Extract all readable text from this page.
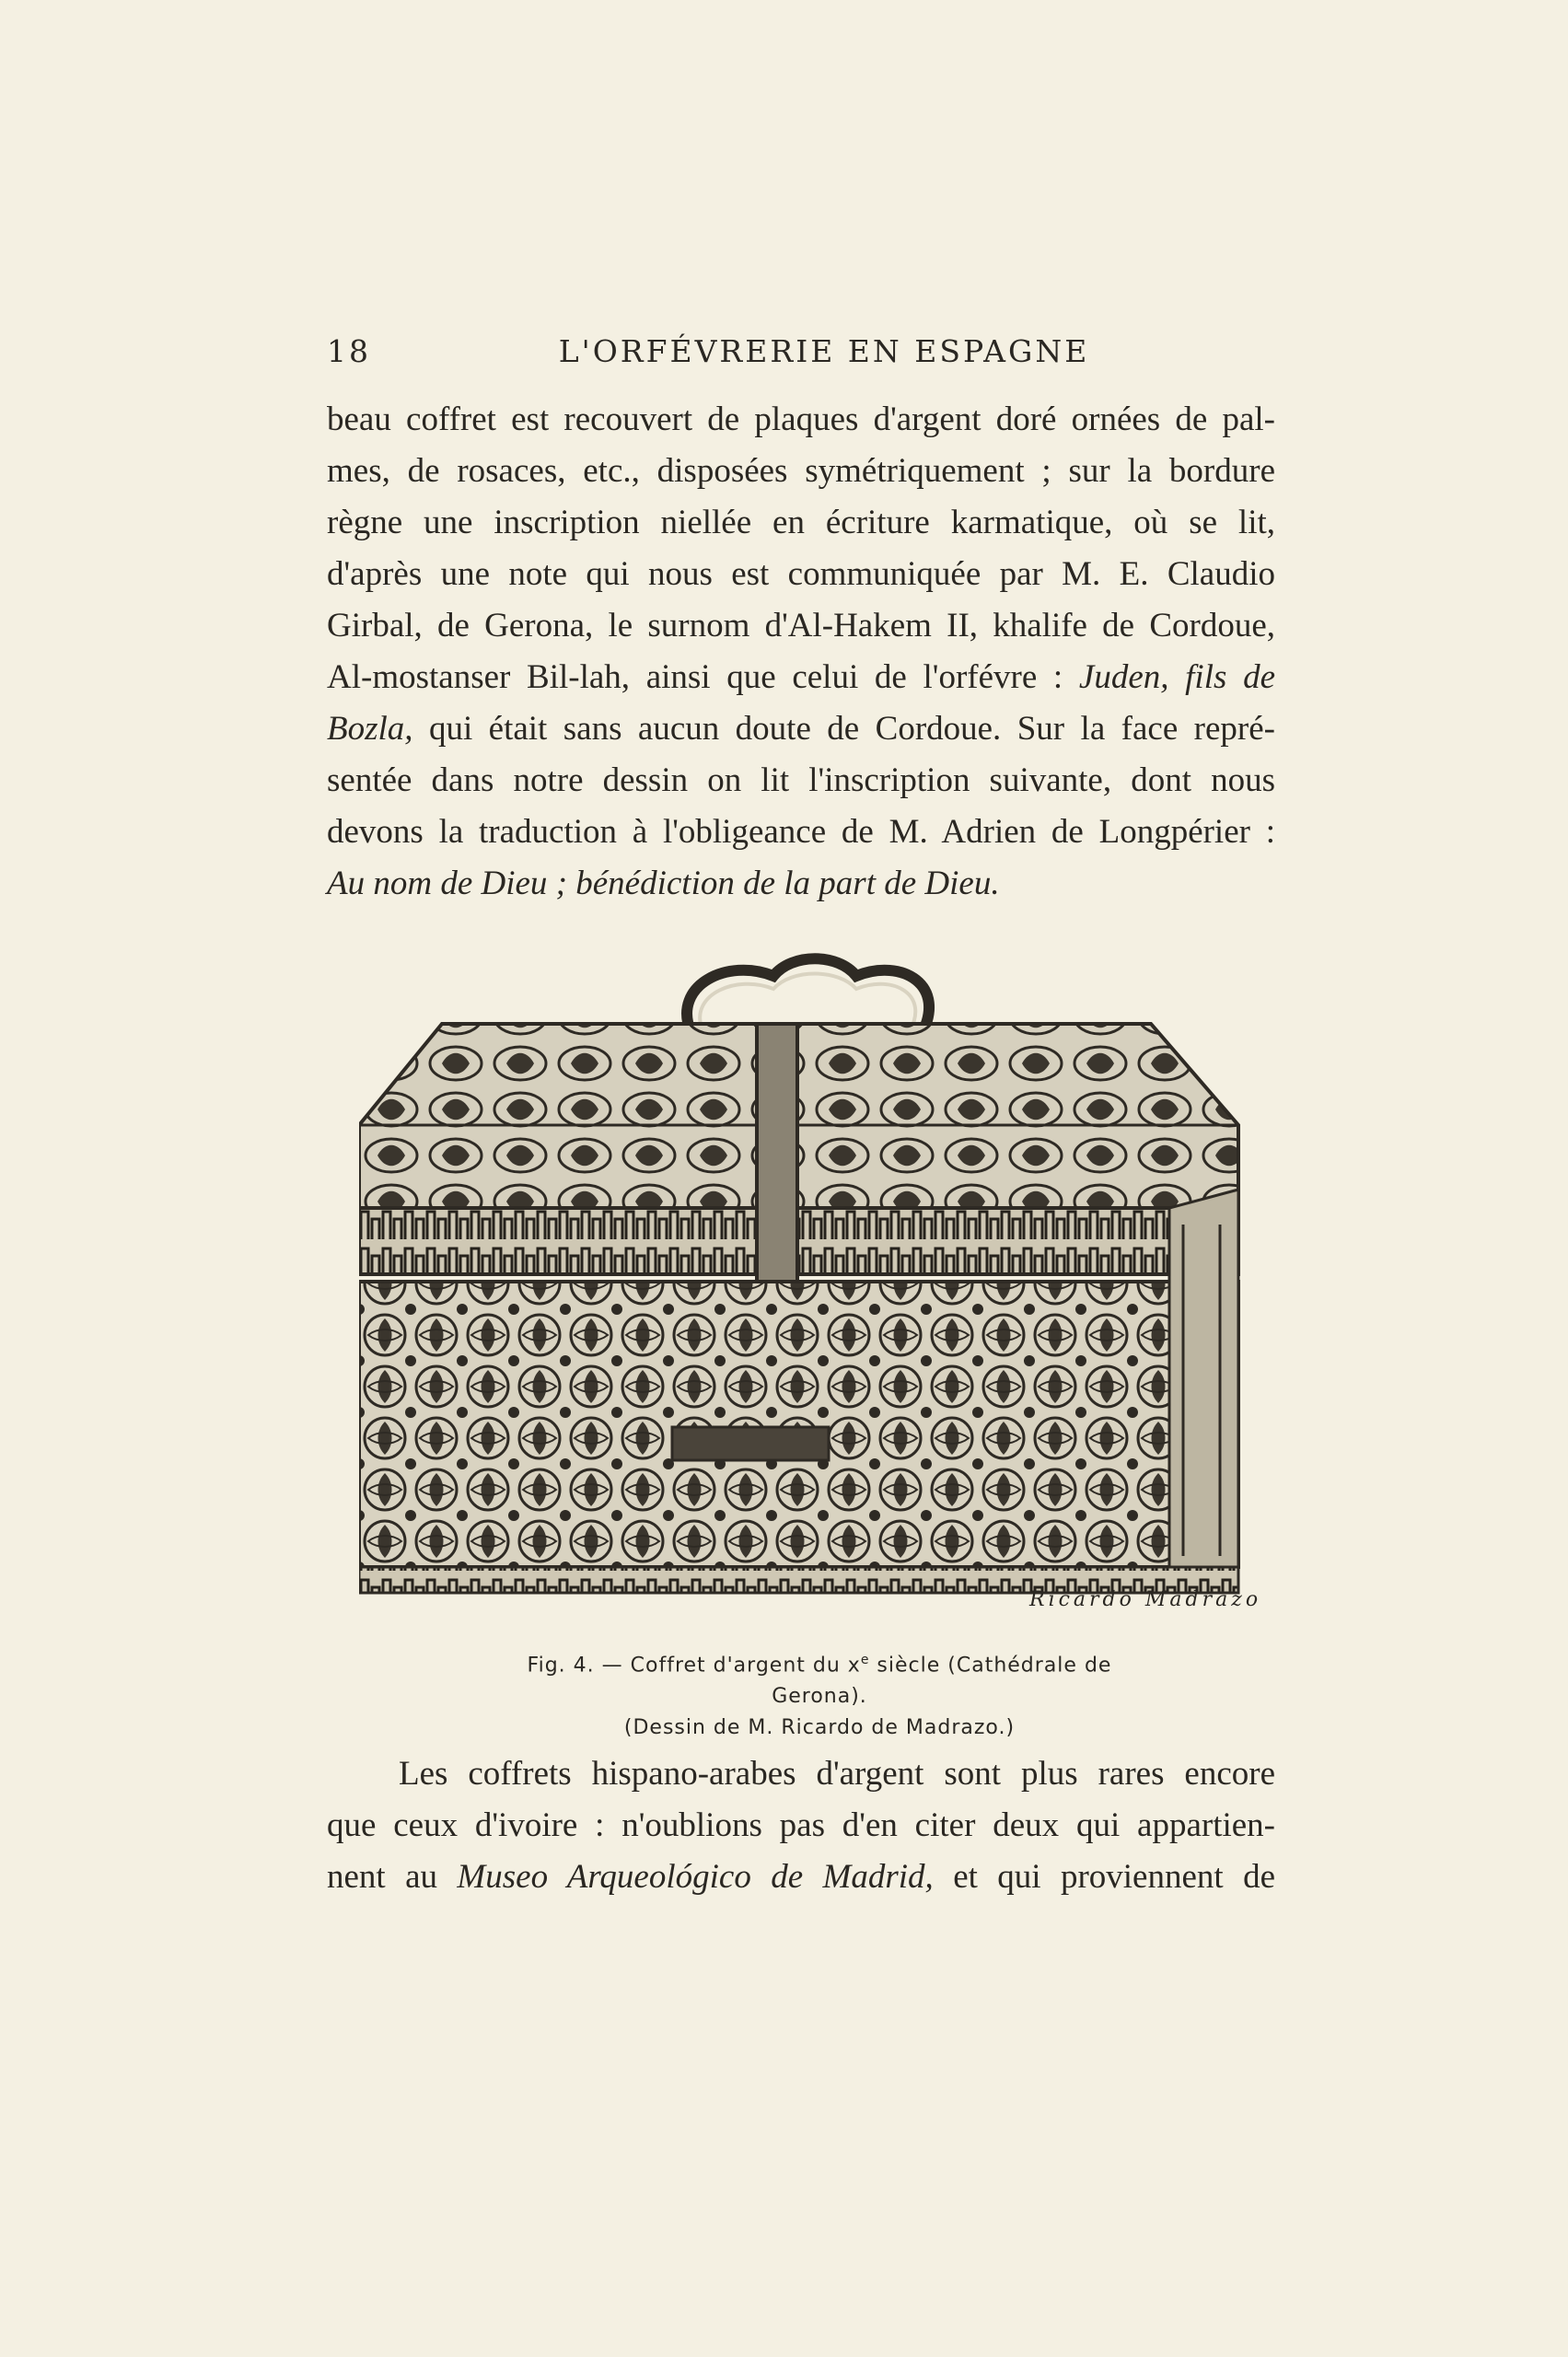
18	L'ORFÉVRERIE EN ESPAGNE
beau coffret est recouvert de plaques d'argent doré ornées de pal-
mes, de rosaces, etc., disposées symétriquement ; sur la bordure
règne une inscription niellée en écriture karmatique, où se lit,
d'après une note qui nous est communiquée par M. E. Claudio
Girbal, de Gerona, le surnom d'Al-Hakem II, khalife de Cordoue,
Al-mostanser Bil-lah, ainsi que celui de l'orfévre : Juden, fils de
Bozla, qui était sans aucun doute de Cordoue. Sur la face repré-
sentée dans notre dessin on lit l'inscription suivante, dont nous
devons la traduction à l'obligeance de M. Adrien de Longpérier :
Au nom de Dieu ; bénédiction de la part de Dieu.
Ricardo Madrazo
Fig. 4. — Coffret d'argent du $x^e$ siècle (Cathédrale de Gerona).
(Dessin de M. Ricardo de Madrazo.)
Les coffrets hispano-arabes d'argent sont plus rares encore
que ceux d'ivoire : n'oublions pas d'en citer deux qui appartien-
nent au Museo Arqueológico de Madrid, et qui proviennent de
